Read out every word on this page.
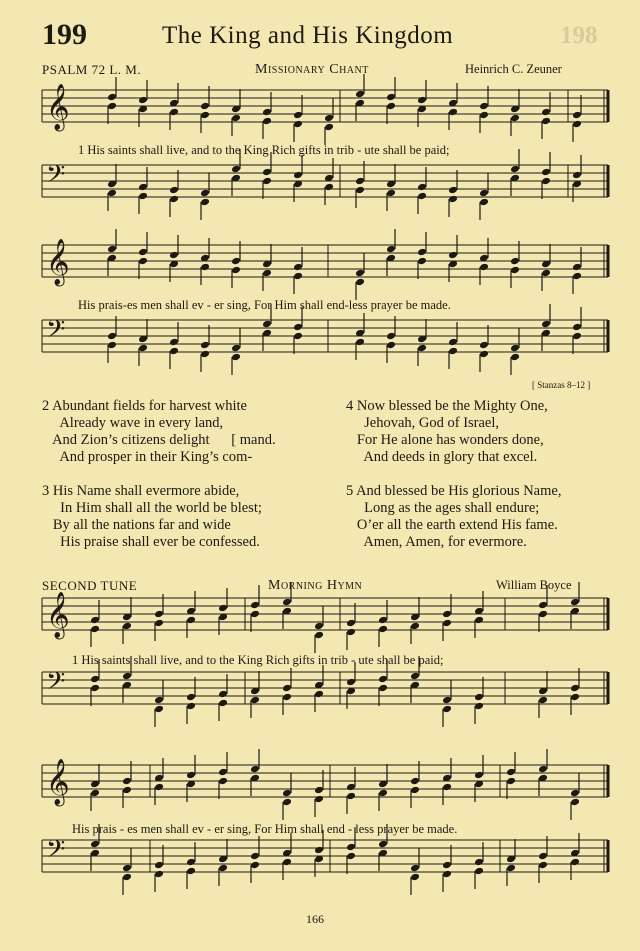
199	The King and His Kingdom	198
PSALM 72 L. M.	Missionary Chant	Heinrich C. Zeuner
𝄞
𝄢
𝄞
𝄢
𝄞
𝄢
𝄞
𝄢
1 His saints shall live, and to the King Rich gifts in trib - ute shall be paid;
His prais-es men shall ev - er sing, For Him shall end-less prayer be made.
[ Stanzas 8–12 ]
2 Abundant fields for harvest white
Already wave in every land,
And Zion’s citizens delight      [ mand.
And prosper in their King’s com-
3 His Name shall evermore abide,
In Him shall all the world be blest;
By all the nations far and wide
His praise shall ever be confessed.
4 Now blessed be the Mighty One,
Jehovah, God of Israel,
For He alone has wonders done,
And deeds in glory that excel.
5 And blessed be His glorious Name,
Long as the ages shall endure;
O’er all the earth extend His fame.
Amen, Amen, for evermore.
SECOND TUNE	Morning Hymn	William Boyce
1 His saints shall live, and to the King Rich gifts in trib - ute shall be paid;
His prais - es men shall ev - er sing, For Him shall end - less prayer be made.
166
